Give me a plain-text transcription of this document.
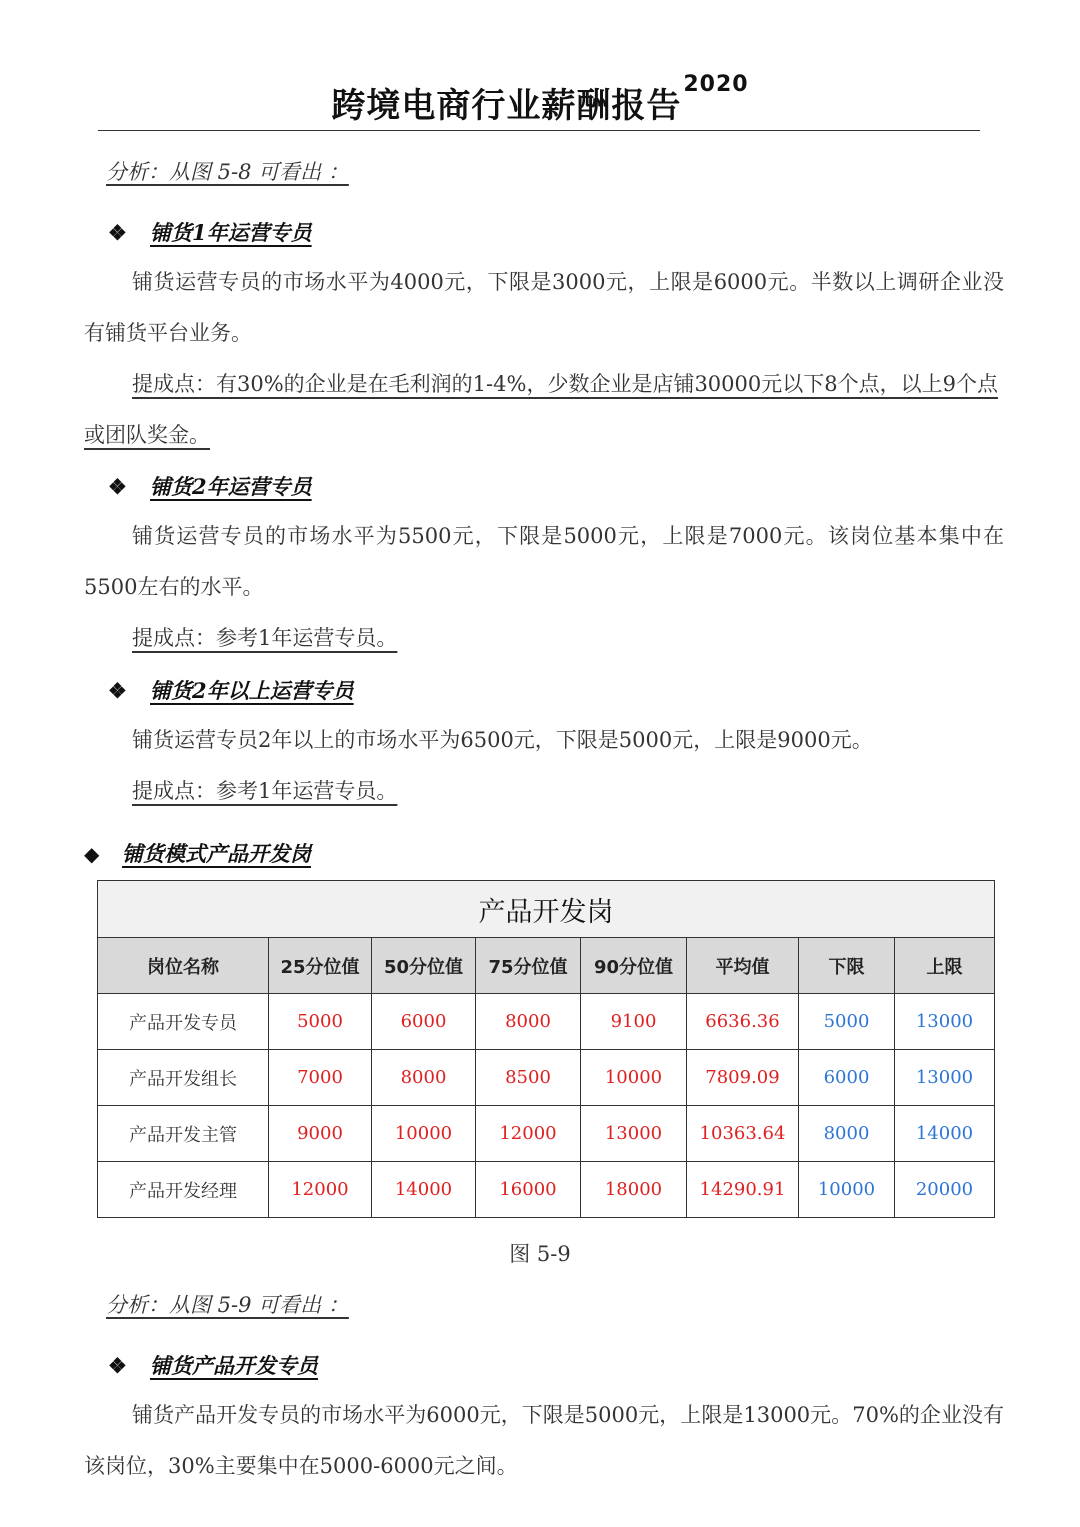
跨境电商行业薪酬报告$^{2020}$

分析：从图 5-8 可看出 ：

❖ 铺货1年运营专员

铺货运营专员的市场水平为4000元，下限是3000元，上限是6000元。半数以上调研企业没有铺货平台业务。

提成点：有30%的企业是在毛利润的1-4%，少数企业是店铺30000元以下8个点，以上9个点或团队奖金。

❖ 铺货2年运营专员

铺货运营专员的市场水平为5500元，下限是5000元，上限是7000元。该岗位基本集中在5500左右的水平。

提成点：参考1年运营专员。

❖ 铺货2年以上运营专员

铺货运营专员2年以上的市场水平为6500元，下限是5000元，上限是9000元。

提成点：参考1年运营专员。

◆ 铺货模式产品开发岗
产品开发岗							
岗位名称	25分位值	50分位值	75分位值	90分位值	平均值	下限	上限
产品开发专员	5000	6000	8000	9100	6636.36	5000	13000
产品开发组长	7000	8000	8500	10000	7809.09	6000	13000
产品开发主管	9000	10000	12000	13000	10363.64	8000	14000
产品开发经理	12000	14000	16000	18000	14290.91	10000	20000

图 5-9

分析：从图 5-9 可看出 ：

❖ 铺货产品开发专员

铺货产品开发专员的市场水平为6000元，下限是5000元，上限是13000元。70%的企业没有该岗位，30%主要集中在5000-6000元之间。
